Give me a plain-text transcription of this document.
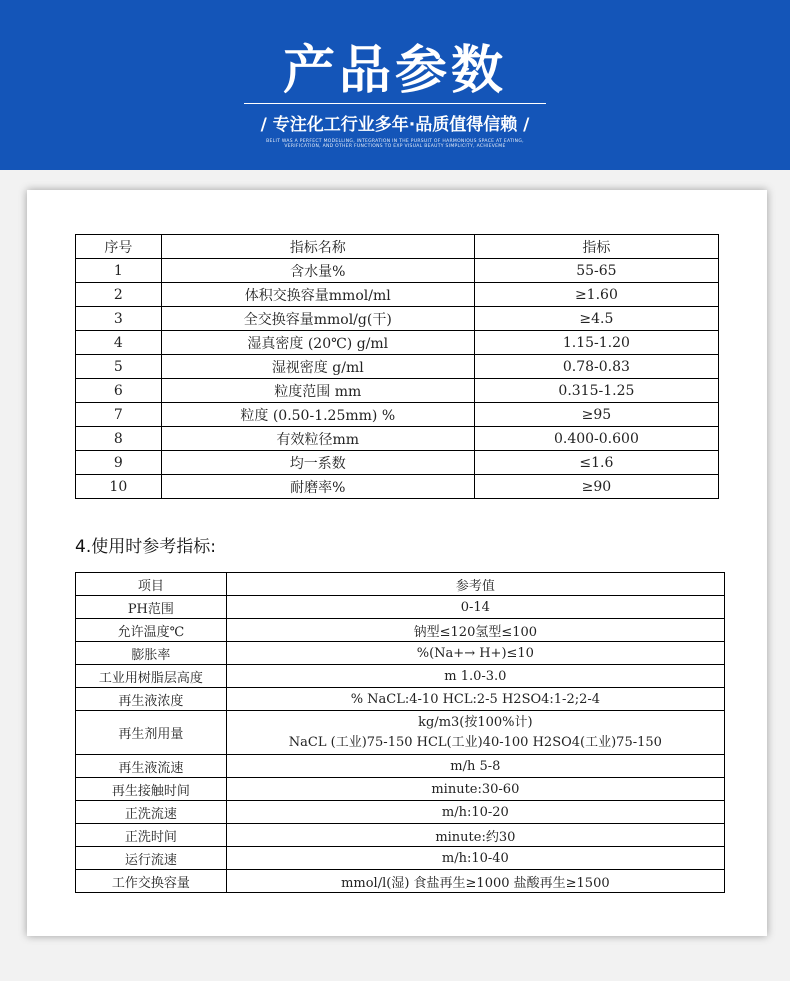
产品参数
/ 专注化工行业多年·品质值得信赖 /
BELIT WAS A PERFECT MODELLING, INTEGRATION IN THE PURSUIT OF HARMONIOUS SPACE AT EATING, VERIFICATION, AND OTHER FUNCTIONS TO EXP VISUAL BEAUTY SIMPLICITY, ACHIEVEME
序号	指标名称	指标
1	含水量%	55-65
2	体积交换容量mmol/ml	≥1.60
3	全交换容量mmol/g(干)	≥4.5
4	湿真密度 (20℃) g/ml	1.15-1.20
5	湿视密度 g/ml	0.78-0.83
6	粒度范围 mm	0.315-1.25
7	粒度 (0.50-1.25mm) %	≥95
8	有效粒径mm	0.400-0.600
9	均一系数	≤1.6
10	耐磨率%	≥90
4.使用时参考指标:
项目	参考值
PH范围	0-14
允许温度℃	钠型≤120氢型≤100
膨胀率	%(Na+→ H+)≤10
工业用树脂层高度	m 1.0-3.0
再生液浓度	% NaCL:4-10 HCL:2-5 H2SO4:1-2;2-4
再生剂用量	kg/m3(按100%计)
NaCL (工业)75-150 HCL(工业)40-100 H2SO4(工业)75-150

再生液流速	m/h 5-8
再生接触时间	minute:30-60
正洗流速	m/h:10-20
正洗时间	minute:约30
运行流速	m/h:10-40
工作交换容量	mmol/l(湿) 食盐再生≥1000 盐酸再生≥1500
